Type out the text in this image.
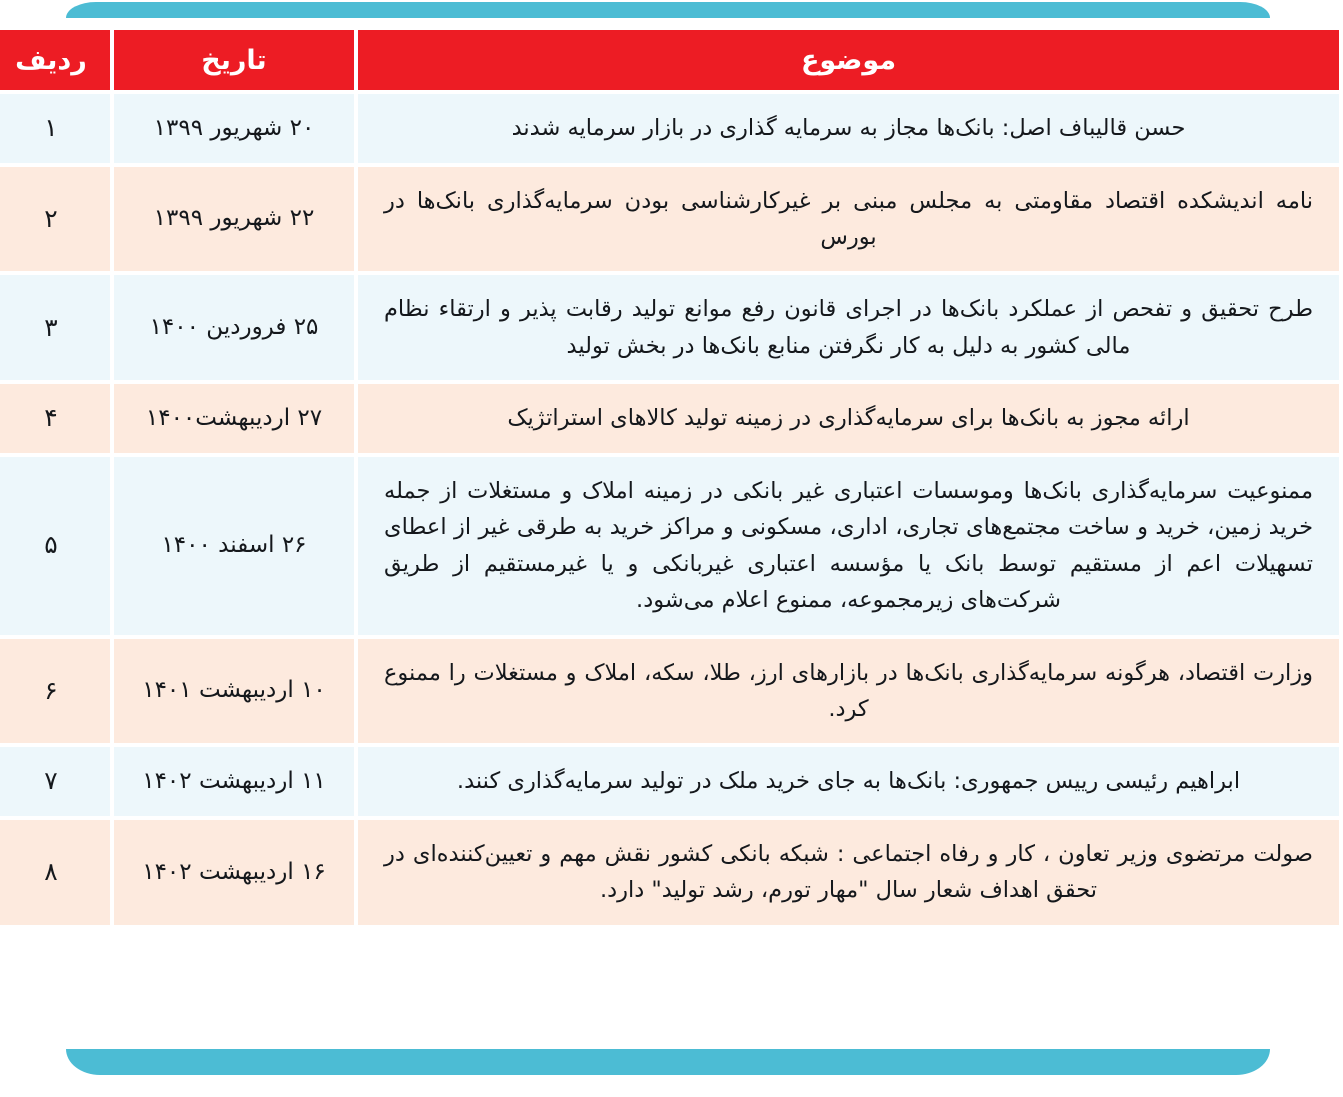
موضوع	تاریخ	ردیف
حسن قالیباف اصل: بانک‌ها مجاز به سرمایه گذاری در بازار سرمایه شدند	۲۰ شهریور ۱۳۹۹	۱
نامه اندیشکده اقتصاد مقاومتی به مجلس مبنی بر غیرکارشناسی بودن سرمایه‌گذاری بانک‌ها در بورس	۲۲ شهریور ۱۳۹۹	۲
طرح تحقیق و تفحص از عملکرد بانک‌ها در اجرای قانون رفع موانع تولید رقابت پذیر و ارتقاء نظام مالی کشور به دلیل به کار نگرفتن منابع بانک‌ها در بخش تولید	۲۵ فروردین ۱۴۰۰	۳
ارائه مجوز به بانک‌ها برای سرمایه‌گذاری در زمینه تولید کالاهای استراتژیک	۲۷ اردیبهشت۱۴۰۰	۴
ممنوعیت سرمایه‌گذاری بانک‌ها وموسسات اعتباری غیر بانکی در زمینه املاک و مستغلات از جمله خرید زمین، خرید و ساخت مجتمع‌های تجاری، اداری، مسکونی و مراکز خرید به طرقی غیر از اعطای تسهیلات اعم از مستقیم توسط بانک یا مؤسسه اعتباری غیربانکی و یا غیرمستقیم از طریق شرکت‌های زیرمجموعه، ممنوع اعلام می‌شود.	۲۶ اسفند ۱۴۰۰	۵
وزارت اقتصاد، هرگونه سرمایه‌گذاری بانک‌ها در بازارهای ارز، طلا، سکه، املاک و مستغلات را ممنوع کرد.	۱۰ اردیبهشت ۱۴۰۱	۶
ابراهیم رئیسی رییس جمهوری: بانک‌ها به جای خرید ملک در تولید سرمایه‌گذاری کنند.	۱۱ اردیبهشت ۱۴۰۲	۷
صولت مرتضوی وزیر تعاون ، کار و رفاه اجتماعی : شبکه بانکی کشور نقش مهم و تعیین‌کننده‌ای در تحقق اهداف شعار سال "مهار تورم، رشد تولید" دارد.	۱۶ اردیبهشت ۱۴۰۲	۸
